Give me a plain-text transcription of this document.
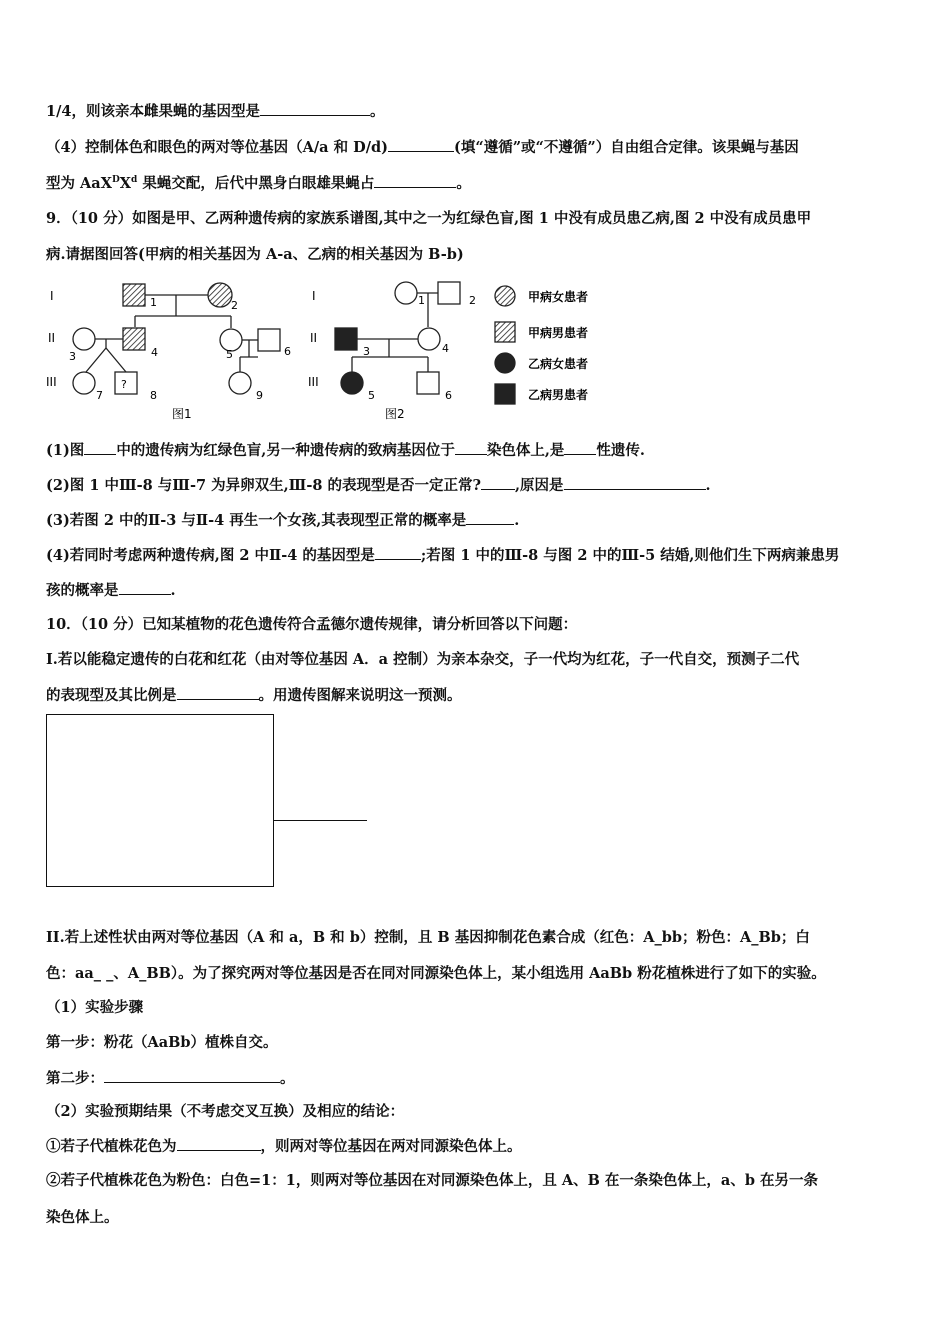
1/4，则该亲本雌果蝇的基因型是	。
（4）控制体色和眼色的两对等位基因（A/a 和 D/d)	(填“遵循”或“不遵循”）自由组合定律。该果蝇与基因
型为 $AaX^DX^d$ 果蝇交配，后代中黑身白眼雄果蝇占	。
9．（10 分）如图是甲、乙两种遗传病的家族系谱图,其中之一为红绿色盲,图 1 中没有成员患乙病,图 2 中没有成员患甲
病.请据图回答(甲病的相关基因为 A-a、乙病的相关基因为 B-b)
I
II
III	?
1	2
3	4	5	6
7	8	9
图1
I
II
III
1	2
3	4
5	6
图2
甲病女患者
甲病男患者
乙病女患者
乙病男患者
(1)图 中的遗传病为红绿色盲,另一种遗传病的致病基因位于 染色体上,是 性遗传.
(2)图 1 中Ⅲ-8 与Ⅲ-7 为异卵双生,Ⅲ-8 的表现型是否一定正常? ,原因是	.
(3)若图 2 中的Ⅱ-3 与Ⅱ-4 再生一个女孩,其表现型正常的概率是	.
(4)若同时考虑两种遗传病,图 2 中Ⅱ-4 的基因型是	;若图 1 中的Ⅲ-8 与图 2 中的Ⅲ-5 结婚,则他们生下两病兼患男
孩的概率是	.
10．（10 分）已知某植物的花色遗传符合孟德尔遗传规律，请分析回答以下问题：
I.若以能稳定遗传的白花和红花（由对等位基因 A．a 控制）为亲本杂交，子一代均为红花，子一代自交，预测子二代
的表现型及其比例是	。用遗传图解来说明这一预测。
II.若上述性状由两对等位基因（A 和 a，B 和 b）控制，且 B 基因抑制花色素合成（红色：A_bb；粉色：A_Bb；白
色：aa_ _、A_BB）。为了探究两对等位基因是否在同对同源染色体上，某小组选用 AaBb 粉花植株进行了如下的实验。
（1）实验步骤
第一步：粉花（AaBb）植株自交。
第二步：	。
（2）实验预期结果（不考虑交叉互换）及相应的结论：
①若子代植株花色为	，则两对等位基因在两对同源染色体上。
②若子代植株花色为粉色：白色=1：1，则两对等位基因在对同源染色体上，且 A、B 在一条染色体上，a、b 在另一条
染色体上。
